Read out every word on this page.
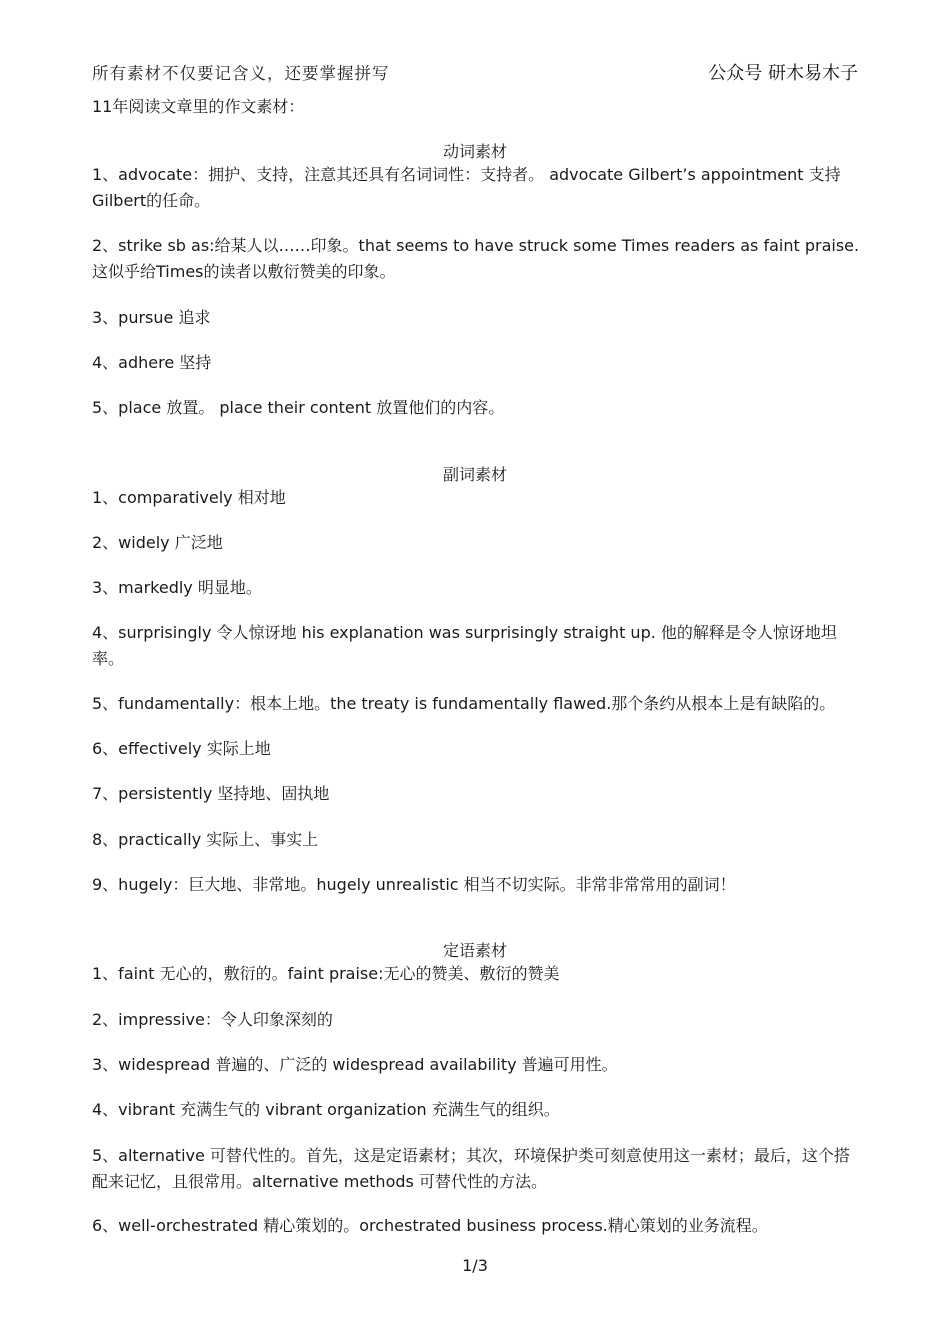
所有素材不仅要记含义，还要掌握拼写	公众号 研木易木子
11年阅读文章里的作文素材：
动词素材
1、advocate：拥护、支持，注意其还具有名词词性：支持者。 advocate Gilbert’s appointment 支持Gilbert的任命。
2、strike sb as:给某人以……印象。that seems to have struck some Times readers as faint praise. 这似乎给Times的读者以敷衍赞美的印象。
3、pursue 追求
4、adhere 坚持
5、place 放置。 place their content 放置他们的内容。
副词素材
1、comparatively 相对地
2、widely 广泛地
3、markedly 明显地。
4、surprisingly 令人惊讶地 his explanation was surprisingly straight up. 他的解释是令人惊讶地坦率。
5、fundamentally：根本上地。the treaty is fundamentally flawed.那个条约从根本上是有缺陷的。
6、effectively 实际上地
7、persistently 坚持地、固执地
8、practically 实际上、事实上
9、hugely：巨大地、非常地。hugely unrealistic 相当不切实际。非常非常常用的副词！
定语素材
1、faint 无心的，敷衍的。faint praise:无心的赞美、敷衍的赞美
2、impressive：令人印象深刻的
3、widespread 普遍的、广泛的 widespread availability 普遍可用性。
4、vibrant 充满生气的 vibrant organization 充满生气的组织。
5、alternative 可替代性的。首先，这是定语素材；其次，环境保护类可刻意使用这一素材；最后，这个搭配来记忆，且很常用。alternative methods 可替代性的方法。
6、well-orchestrated 精心策划的。orchestrated business process.精心策划的业务流程。
1/3
